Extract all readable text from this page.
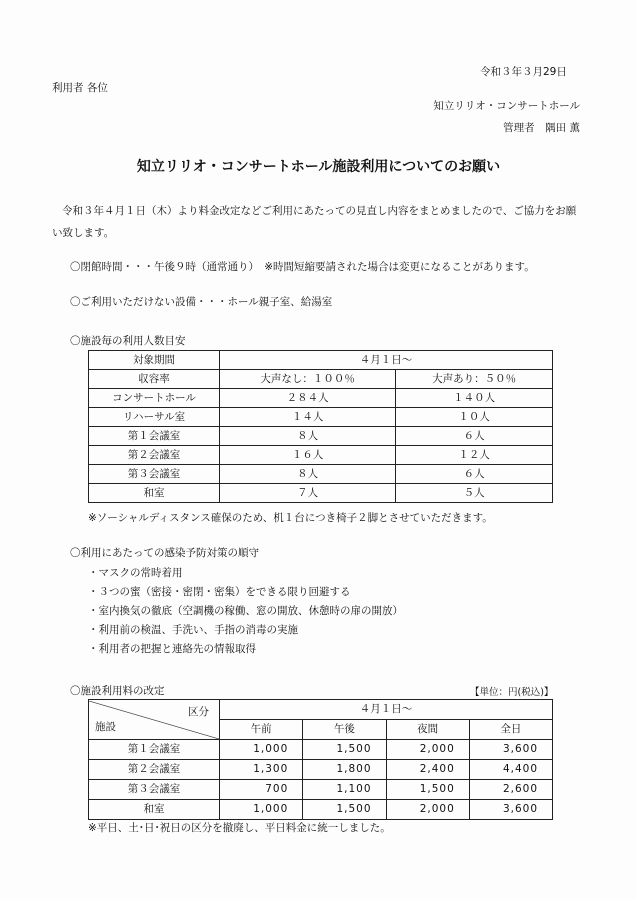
令和３年３月29日
利用者 各位
知立リリオ・コンサートホール
管理者　隅田 薫
知立リリオ・コンサートホール施設利用についてのお願い
令和３年４月１日（木）より料金改定などご利用にあたっての見直し内容をまとめましたので、ご協力をお願い致します。
〇閉館時間・・・午後９時（通常通り）　※時間短縮要請された場合は変更になることがあります。
〇ご利用いただけない設備・・・ホール親子室、給湯室
〇施設毎の利用人数目安
対象期間	４月１日〜	
収容率	大声なし：１００％	大声あり：５０％
コンサートホール	２８４人	１４０人
リハーサル室	１４人	１０人
第１会議室	８人	６人
第２会議室	１６人	１２人
第３会議室	８人	６人
和室	７人	５人
※ソーシャルディスタンス確保のため、机１台につき椅子２脚とさせていただきます。
〇利用にあたっての感染予防対策の順守
・マスクの常時着用
・３つの蜜（密接・密閉・密集）をできる限り回避する
・室内換気の徹底（空調機の稼働、窓の開放、休憩時の扉の開放）
・利用前の検温、手洗い、手指の消毒の実施
・利用者の把握と連絡先の情報取得
〇施設利用料の改定	【単位：円(税込)】
区分
施設	４月１日〜			
	午前	午後	夜間	全日
第１会議室	1,000	1,500	2,000	3,600
第２会議室	1,300	1,800	2,400	4,400
第３会議室	700	1,100	1,500	2,600
和室	1,000	1,500	2,000	3,600
※平日、土･日･祝日の区分を撤廃し、平日料金に統一しました。
